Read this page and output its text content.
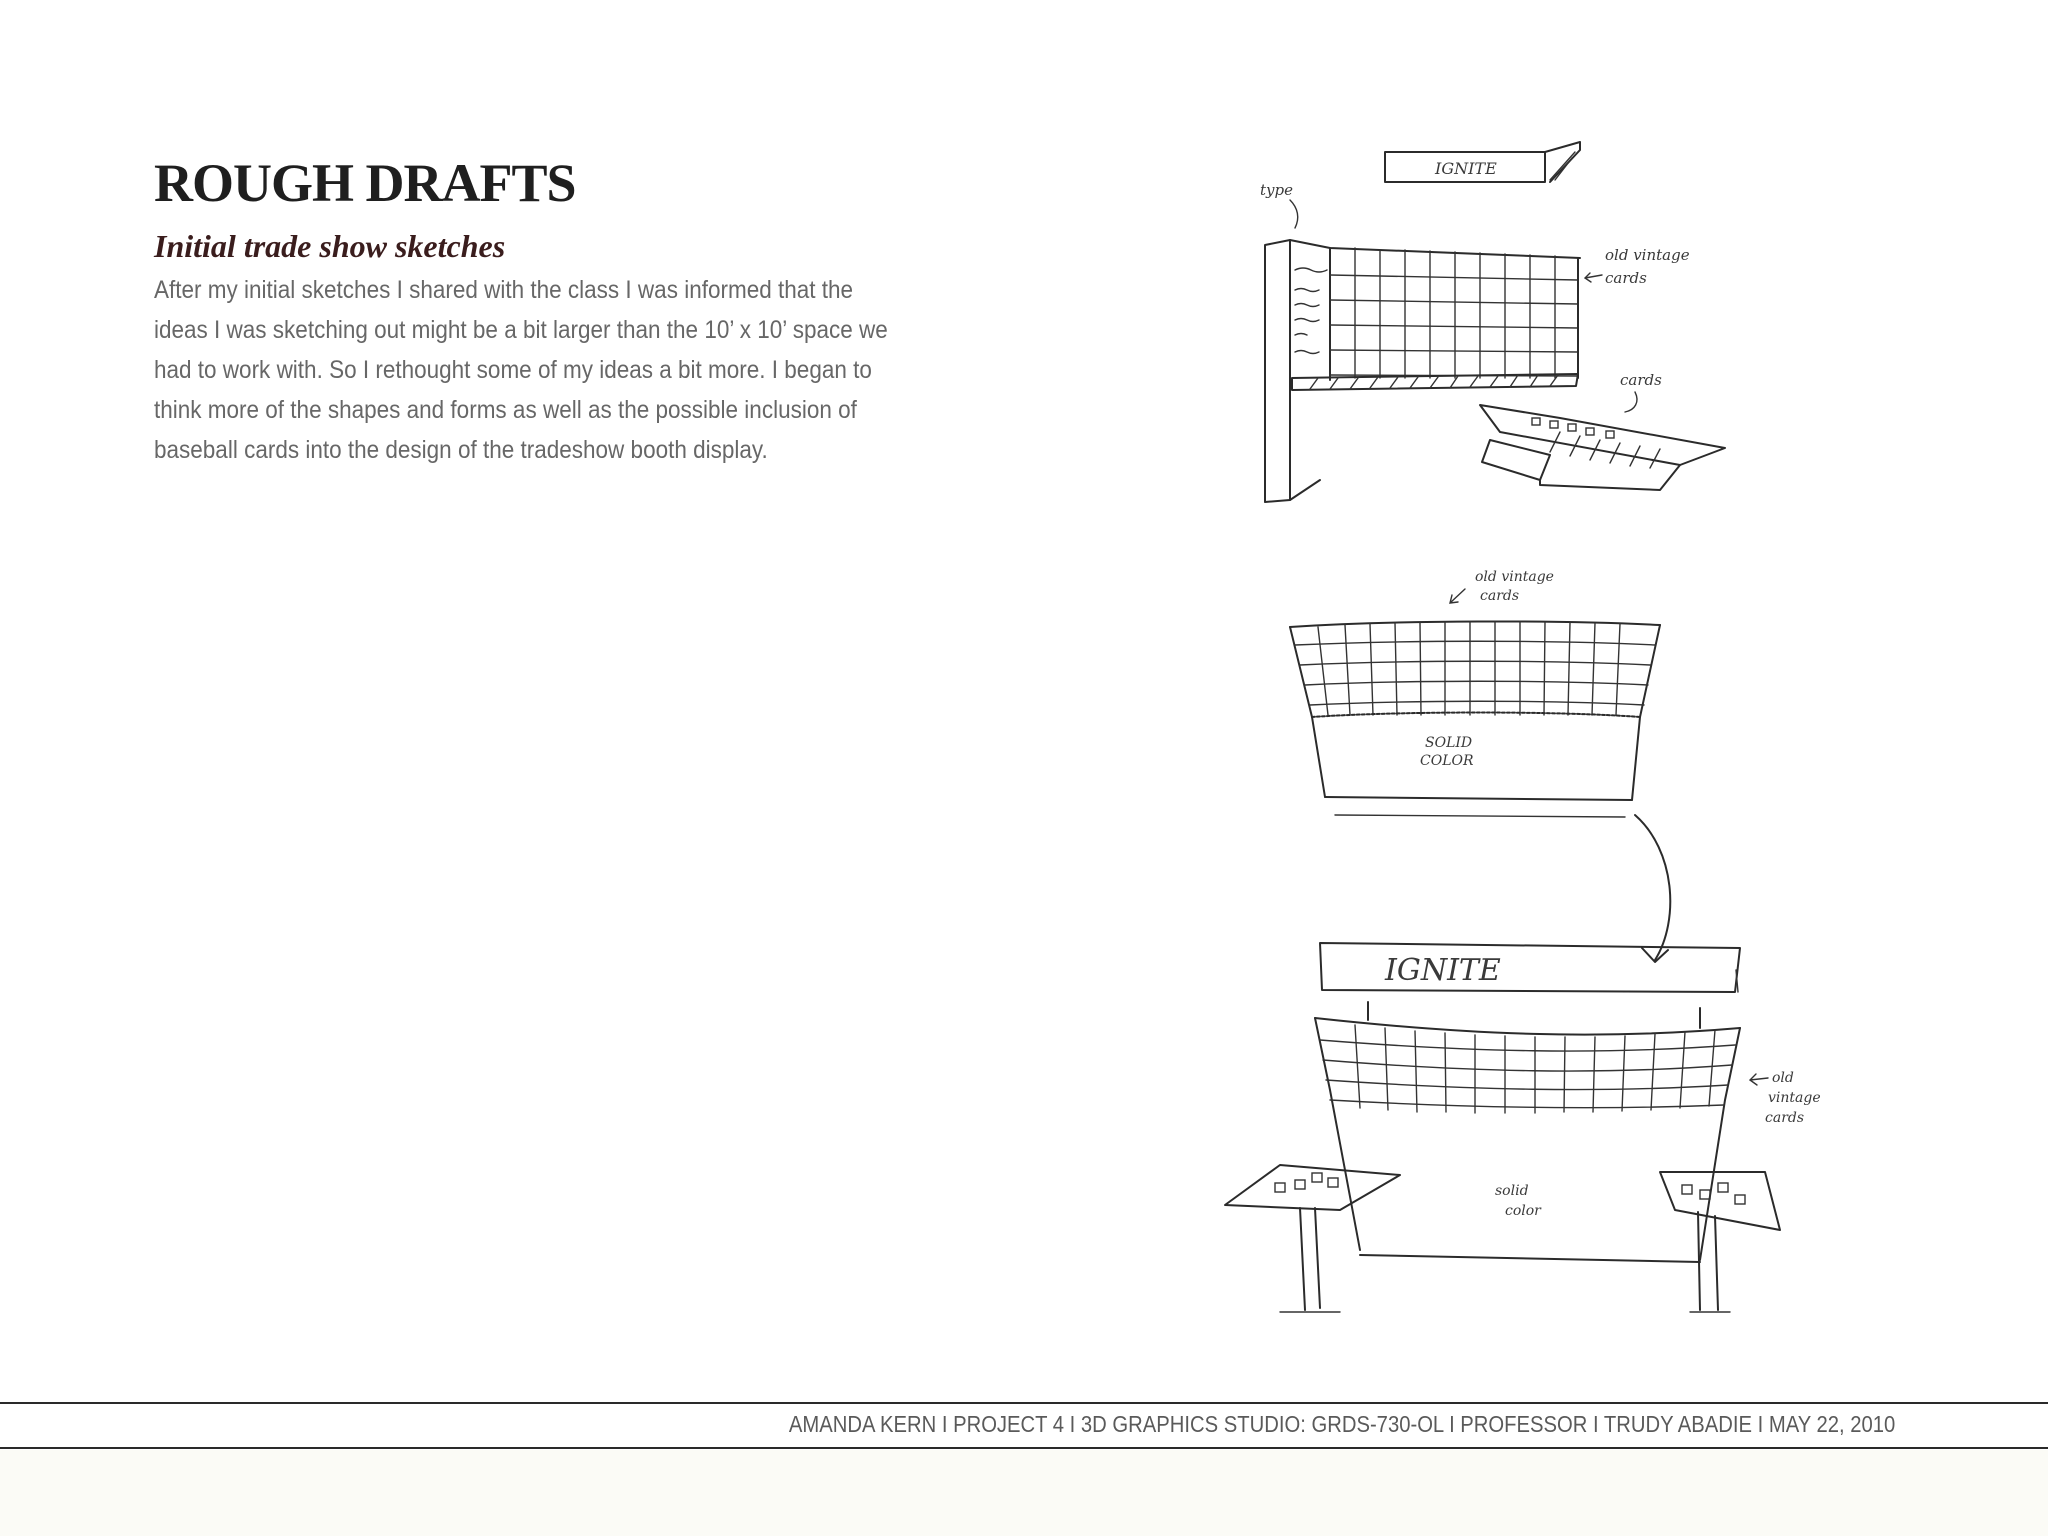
ROUGH DRAFTS
Initial trade show sketches

After my initial sketches I shared with the class I was informed that the ideas I was sketching out might be a bit larger than the 10’ x 10’ space we had to work with. So I rethought some of my ideas a bit more. I began to think more of the shapes and forms as well as the possible inclusion of baseball cards into the design of the tradeshow booth display.

IGNITE
type
old vintage
cards
cards
old vintage
cards
SOLID
COLOR
IGNITE
old
vintage
cards
solid
color

AMANDA KERN I PROJECT 4 I 3D GRAPHICS STUDIO: GRDS-730-OL I PROFESSOR I TRUDY ABADIE I MAY 22, 2010
